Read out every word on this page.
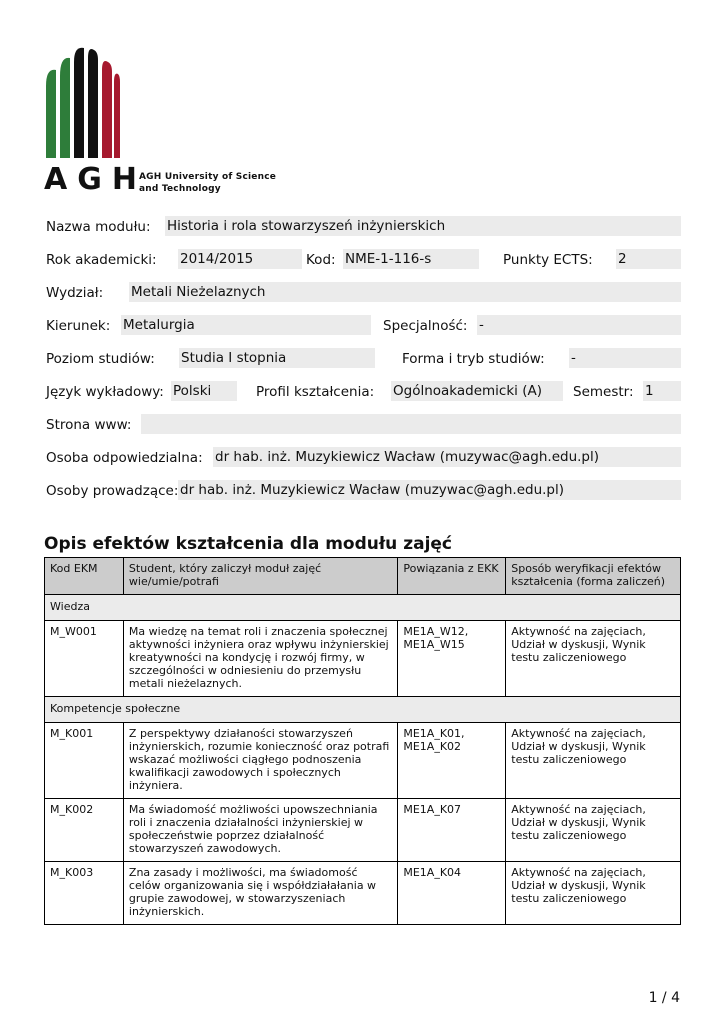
AGH
AGH University of Science
and Technology
Nazwa modułu: Historia i rola stowarzyszeń inżynierskich
Rok akademicki: 2014/2015	Kod: NME-1-116-s	Punkty ECTS: 2
Wydział: Metali Nieżelaznych
Kierunek: Metalurgia	Specjalność: -
Poziom studiów: Studia I stopnia	Forma i tryb studiów: -
Język wykładowy: Polski	Profil kształcenia: Ogólnoakademicki (A)	Semestr: 1
Strona www:
Osoba odpowiedzialna: dr hab. inż. Muzykiewicz Wacław (muzywac@agh.edu.pl)
Osoby prowadzące: dr hab. inż. Muzykiewicz Wacław (muzywac@agh.edu.pl)
Opis efektów kształcenia dla modułu zajęć
Kod EKM	Student, który zaliczył moduł zajęć wie/umie/potrafi	Powiązania z EKK	Sposób weryfikacji efektów kształcenia (forma zaliczeń)
Wiedza			
M_W001	Ma wiedzę na temat roli i znaczenia społecznej aktywności inżyniera oraz wpływu inżynierskiej kreatywności na kondycję i rozwój firmy, w szczególności w odniesieniu do przemysłu metali nieżelaznych.	ME1A_W12, ME1A_W15	Aktywność na zajęciach, Udział w dyskusji, Wynik testu zaliczeniowego
Kompetencje społeczne			
M_K001	Z perspektywy działaności stowarzyszeń inżynierskich, rozumie konieczność oraz potrafi wskazać możliwości ciągłego podnoszenia kwalifikacji zawodowych i społecznych inżyniera.	ME1A_K01, ME1A_K02	Aktywność na zajęciach, Udział w dyskusji, Wynik testu zaliczeniowego
M_K002	Ma świadomość możliwości upowszechniania roli i znaczenia działalności inżynierskiej w społeczeństwie poprzez działalność stowarzyszeń zawodowych.	ME1A_K07	Aktywność na zajęciach, Udział w dyskusji, Wynik testu zaliczeniowego
M_K003	Zna zasady i możliwości, ma świadomość celów organizowania się i współdziałałania w grupie zawodowej, w stowarzyszeniach inżynierskich.	ME1A_K04	Aktywność na zajęciach, Udział w dyskusji, Wynik testu zaliczeniowego
1 / 4
